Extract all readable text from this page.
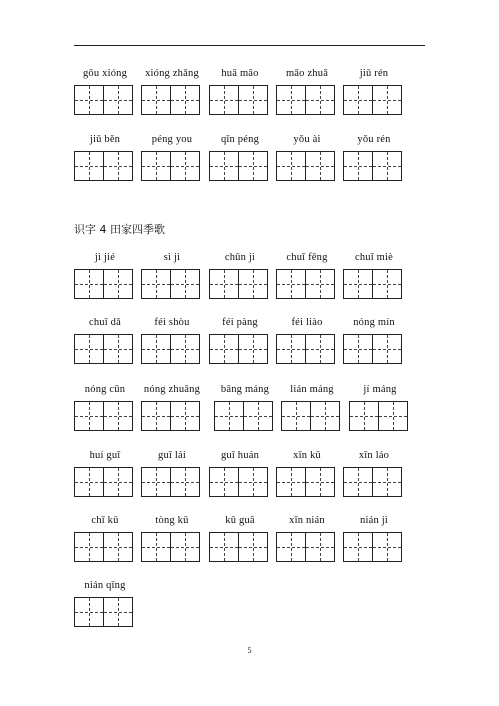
gōu xióng	xióng zhǎng	huā māo	māo zhuǎ	jiǔ rén
jiǔ běn	péng you	qīn péng	yǒu ài	yǒu rén
识字 4 田家四季歌
jì jié	sì jì	chūn jì	chuī fēng	chuī miè
chuī dǎ	féi shòu	féi pàng	féi liào	nóng mín
nóng cūn	nóng zhuāng	bāng máng	lián máng	jí máng
huí guī	guī lái	guī huán	xīn kǔ	xīn láo
chī kǔ	tòng kǔ	kǔ guā	xīn nián	nián jì
nián qīng
5
